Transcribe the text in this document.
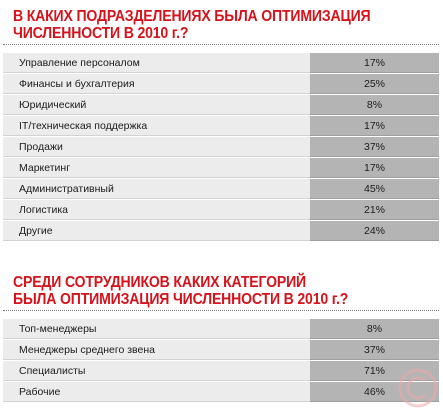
В КАКИХ ПОДРАЗДЕЛЕНИЯХ БЫЛА ОПТИМИЗАЦИЯ
ЧИСЛЕННОСТИ В 2010 г.?
Управление персоналом	17%
Финансы и бухгалтерия	25%
Юридический	8%
IT/техническая поддержка	17%
Продажи	37%
Маркетинг	17%
Административный	45%
Логистика	21%
Другие	24%
СРЕДИ СОТРУДНИКОВ КАКИХ КАТЕГОРИЙ
БЫЛА ОПТИМИЗАЦИЯ ЧИСЛЕННОСТИ В 2010 г.?
Топ-менеджеры	8%
Менеджеры среднего звена	37%
Специалисты	71%
Рабочие	46%
